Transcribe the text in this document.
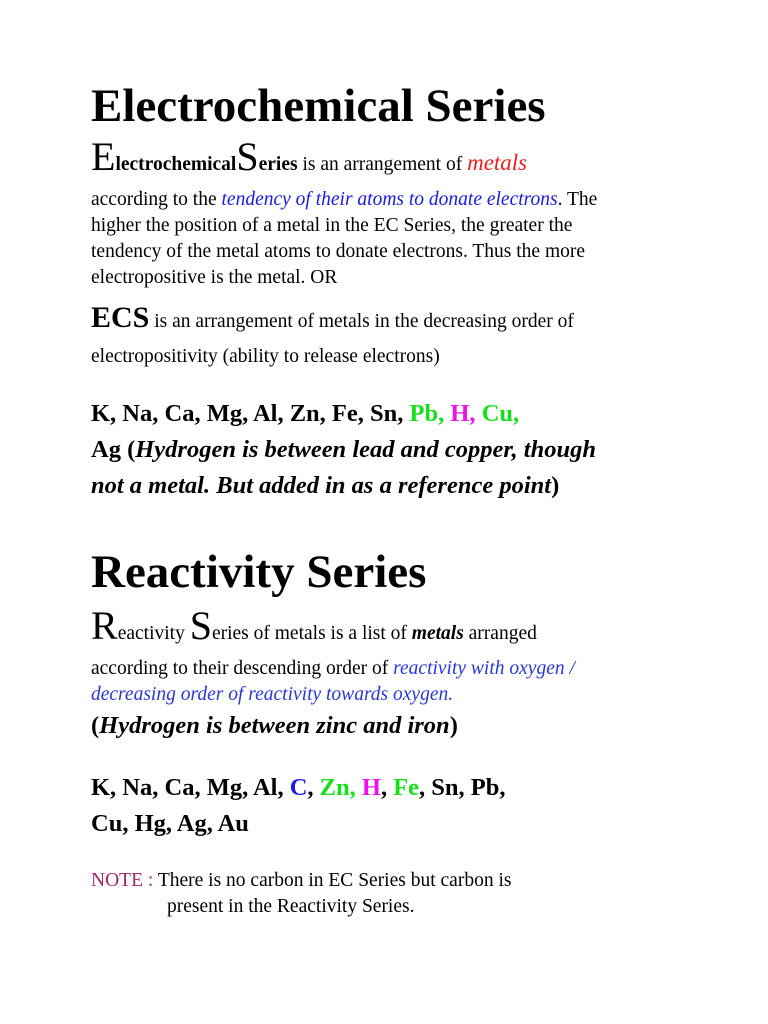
Electrochemical Series
ElectrochemicalSeries is an arrangement of metals
according to the tendency of their atoms to donate electrons. The
higher the position of a metal in the EC Series, the greater the
tendency of the metal atoms to donate electrons. Thus the more
electropositive is the metal. OR
ECS is an arrangement of metals in the decreasing order of
electropositivity (ability to release electrons)
K, Na, Ca, Mg, Al, Zn, Fe, Sn, Pb, H, Cu,
Ag (Hydrogen is between lead and copper, though
not a metal. But added in as a reference point)
Reactivity Series
Reactivity Series of metals is a list of metals arranged
according to their descending order of reactivity with oxygen /
decreasing order of reactivity towards oxygen.
(Hydrogen is between zinc and iron)
K, Na, Ca, Mg, Al, C, Zn, H, Fe, Sn, Pb,
Cu, Hg, Ag, Au
NOTE : There is no carbon in EC Series but carbon is
present in the Reactivity Series.
